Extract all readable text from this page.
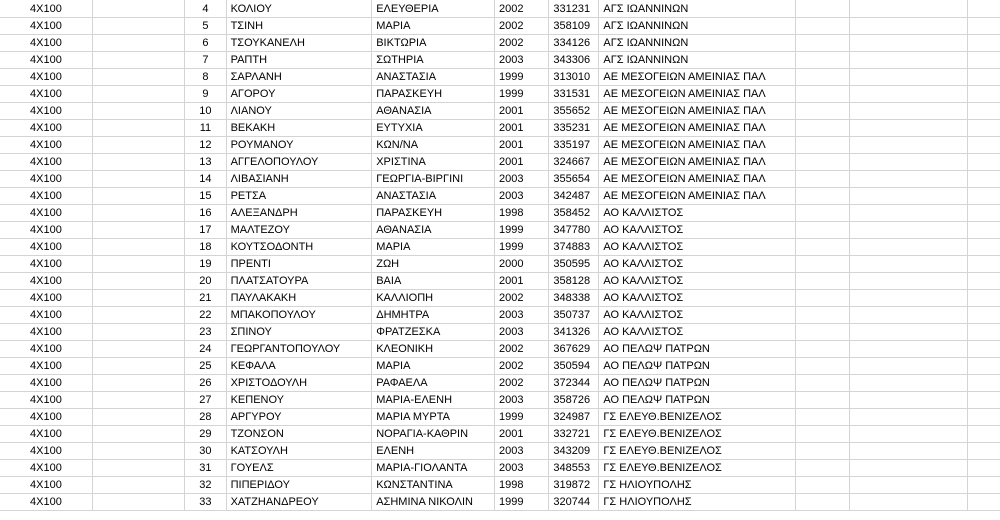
4X100		4	ΚΟΛΙΟΥ	ΕΛΕΥΘΕΡΙΑ	2002	331231	ΑΓΣ ΙΩΑΝΝΙΝΩΝ			
4X100		5	ΤΣΙΝΗ	ΜΑΡΙΑ	2002	358109	ΑΓΣ ΙΩΑΝΝΙΝΩΝ			
4X100		6	ΤΣΟΥΚΑΝΕΛΗ	ΒΙΚΤΩΡΙΑ	2002	334126	ΑΓΣ ΙΩΑΝΝΙΝΩΝ			
4X100		7	ΡΑΠΤΗ	ΣΩΤΗΡΙΑ	2003	343306	ΑΓΣ ΙΩΑΝΝΙΝΩΝ			
4X100		8	ΣΑΡΛΑΝΗ	ΑΝΑΣΤΑΣΙΑ	1999	313010	ΑΕ ΜΕΣΟΓΕΙΩΝ ΑΜΕΙΝΙΑΣ ΠΑΛ			
4X100		9	ΑΓΟΡΟΥ	ΠΑΡΑΣΚΕΥΗ	1999	331531	ΑΕ ΜΕΣΟΓΕΙΩΝ ΑΜΕΙΝΙΑΣ ΠΑΛ			
4X100		10	ΛΙΑΝΟΥ	ΑΘΑΝΑΣΙΑ	2001	355652	ΑΕ ΜΕΣΟΓΕΙΩΝ ΑΜΕΙΝΙΑΣ ΠΑΛ			
4X100		11	ΒΕΚΑΚΗ	ΕΥΤΥΧΙΑ	2001	335231	ΑΕ ΜΕΣΟΓΕΙΩΝ ΑΜΕΙΝΙΑΣ ΠΑΛ			
4X100		12	ΡΟΥΜΑΝΟΥ	ΚΩΝ/ΝΑ	2001	335197	ΑΕ ΜΕΣΟΓΕΙΩΝ ΑΜΕΙΝΙΑΣ ΠΑΛ			
4X100		13	ΑΓΓΕΛΟΠΟΥΛΟΥ	ΧΡΙΣΤΙΝΑ	2001	324667	ΑΕ ΜΕΣΟΓΕΙΩΝ ΑΜΕΙΝΙΑΣ ΠΑΛ			
4X100		14	ΛΙΒΑΣΙΑΝΗ	ΓΕΩΡΓΙΑ-ΒΙΡΓΙΝΙ	2003	355654	ΑΕ ΜΕΣΟΓΕΙΩΝ ΑΜΕΙΝΙΑΣ ΠΑΛ			
4X100		15	ΡΕΤΣΑ	ΑΝΑΣΤΑΣΙΑ	2003	342487	ΑΕ ΜΕΣΟΓΕΙΩΝ ΑΜΕΙΝΙΑΣ ΠΑΛ			
4X100		16	ΑΛΕΞΑΝΔΡΗ	ΠΑΡΑΣΚΕΥΗ	1998	358452	ΑΟ ΚΑΛΛΙΣΤΟΣ			
4X100		17	ΜΑΛΤΕΖΟΥ	ΑΘΑΝΑΣΙΑ	1999	347780	ΑΟ ΚΑΛΛΙΣΤΟΣ			
4X100		18	ΚΟΥΤΣΟΔΟΝΤΗ	ΜΑΡΙΑ	1999	374883	ΑΟ ΚΑΛΛΙΣΤΟΣ			
4X100		19	ΠΡΕΝΤΙ	ΖΩΗ	2000	350595	ΑΟ ΚΑΛΛΙΣΤΟΣ			
4X100		20	ΠΛΑΤΣΑΤΟΥΡΑ	ΒΑΙΑ	2001	358128	ΑΟ ΚΑΛΛΙΣΤΟΣ			
4X100		21	ΠΑΥΛΑΚΑΚΗ	ΚΑΛΛΙΟΠΗ	2002	348338	ΑΟ ΚΑΛΛΙΣΤΟΣ			
4X100		22	ΜΠΑΚΟΠΟΥΛΟΥ	ΔΗΜΗΤΡΑ	2003	350737	ΑΟ ΚΑΛΛΙΣΤΟΣ			
4X100		23	ΣΠΙΝΟΥ	ΦΡΑΤΖΕΣΚΑ	2003	341326	ΑΟ ΚΑΛΛΙΣΤΟΣ			
4X100		24	ΓΕΩΡΓΑΝΤΟΠΟΥΛΟΥ	ΚΛΕΟΝΙΚΗ	2002	367629	ΑΟ ΠΕΛΩΨ ΠΑΤΡΩΝ			
4X100		25	ΚΕΦΑΛΑ	ΜΑΡΙΑ	2002	350594	ΑΟ ΠΕΛΩΨ ΠΑΤΡΩΝ			
4X100		26	ΧΡΙΣΤΟΔΟΥΛΗ	ΡΑΦΑΕΛΑ	2002	372344	ΑΟ ΠΕΛΩΨ ΠΑΤΡΩΝ			
4X100		27	ΚΕΠΕΝΟΥ	ΜΑΡΙΑ-ΕΛΕΝΗ	2003	358726	ΑΟ ΠΕΛΩΨ ΠΑΤΡΩΝ			
4X100		28	ΑΡΓΥΡΟΥ	ΜΑΡΙΑ ΜΥΡΤΑ	1999	324987	ΓΣ ΕΛΕΥΘ.ΒΕΝΙΖΕΛΟΣ			
4X100		29	ΤΖΟΝΣΟΝ	ΝΟΡΑΓΙΑ-ΚΑΘΡΙΝ	2001	332721	ΓΣ ΕΛΕΥΘ.ΒΕΝΙΖΕΛΟΣ			
4X100		30	ΚΑΤΣΟΥΛΗ	ΕΛΕΝΗ	2003	343209	ΓΣ ΕΛΕΥΘ.ΒΕΝΙΖΕΛΟΣ			
4X100		31	ΓΟΥΕΛΣ	ΜΑΡΙΑ-ΓΙΟΛΑΝΤΑ	2003	348553	ΓΣ ΕΛΕΥΘ.ΒΕΝΙΖΕΛΟΣ			
4X100		32	ΠΙΠΕΡΙΔΟΥ	ΚΩΝΣΤΑΝΤΙΝΑ	1998	319872	ΓΣ ΗΛΙΟΥΠΟΛΗΣ			
4X100		33	ΧΑΤΖΗΑΝΔΡΕΟΥ	ΑΣΗΜΙΝΑ ΝΙΚΟΛΙΝ	1999	320744	ΓΣ ΗΛΙΟΥΠΟΛΗΣ			
